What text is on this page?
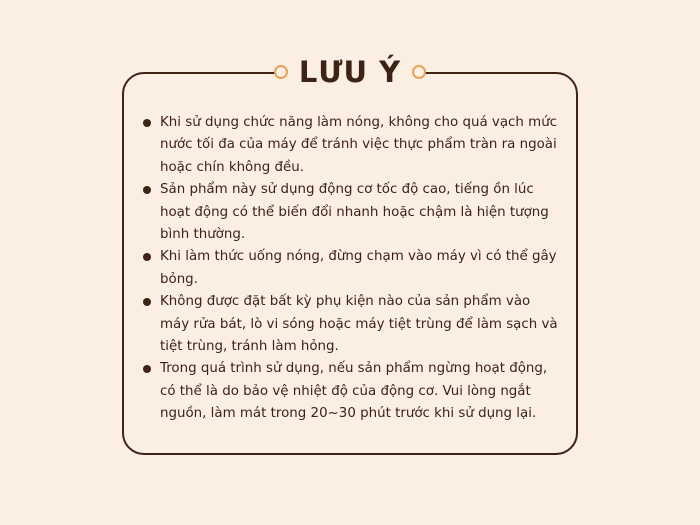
LƯU Ý
Khi sử dụng chức năng làm nóng, không cho quá vạch mức nước tối đa của máy để tránh việc thực phẩm tràn ra ngoài hoặc chín không đều.
Sản phẩm này sử dụng động cơ tốc độ cao, tiếng ồn lúc hoạt động có thể biến đổi nhanh hoặc chậm là hiện tượng bình thường.
Khi làm thức uống nóng, đừng chạm vào máy vì có thể gây bỏng.
Không được đặt bất kỳ phụ kiện nào của sản phẩm vào máy rửa bát, lò vi sóng hoặc máy tiệt trùng để làm sạch và tiệt trùng, tránh làm hỏng.
Trong quá trình sử dụng, nếu sản phẩm ngừng hoạt động, có thể là do bảo vệ nhiệt độ của động cơ. Vui lòng ngắt nguồn, làm mát trong 20~30 phút trước khi sử dụng lại.
